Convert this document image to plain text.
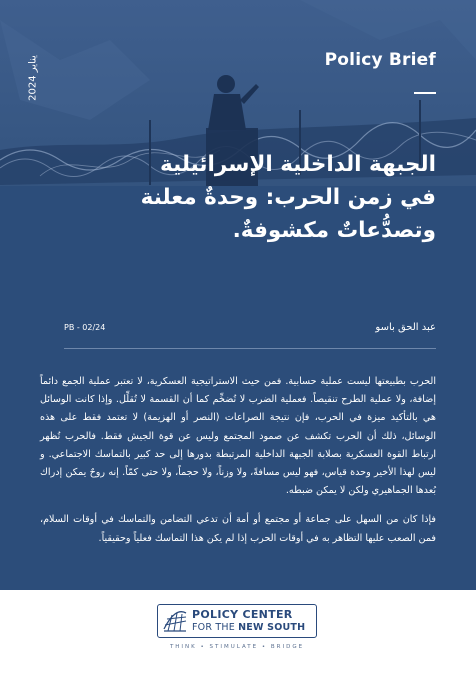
Policy Brief
يناير 2024
الجبهة الداخلية الإسرائيلية
في زمن الحرب: وحدةٌ معلنة
وتصدُّعاتٌ مكشوفةٌ.
عبد الحق باسو
PB - 02/24

الحرب بطبيعتها ليست عملية حسابية. فمن حيث الاستراتيجية العسكرية، لا تعتبر عملية الجمع دائماً إضافة، ولا عملية الطرح تنقيصاً. فعملية الضرب لا تُضخِّم كما أن القسمة لا تُقلِّل. وإذا كانت الوسائل هي بالتأكيد ميزة في الحرب، فإن نتيجة الصراعات (النصر أو الهزيمة) لا تعتمد فقط على هذه الوسائل، ذلك أن الحرب تكشف عن صمود المجتمع وليس عن قوة الجيش فقط. فالحرب تُظهر ارتباط القوة العسكرية بصلابة الجبهة الداخلية المرتبطة بدورها إلى حد كبير بالتماسك الاجتماعي. و ليس لهذا الأخير وحدة قياس، فهو ليس مسافةً، ولا وزناً، ولا حجماً، ولا حتى كمّاً. إنه روحٌ يمكن إدراك بُعدها الجماهيري ولكن لا يمكن ضبطه.

فإذا كان من السهل على جماعة أو مجتمع أو أمة أن تدعي التضامن والتماسك في أوقات السلام، فمن الصعب عليها التظاهر به في أوقات الحرب إذا لم يكن هذا التماسك فعلياً وحقيقياً.

POLICY CENTER
FOR THE NEW SOUTH
THINK • STIMULATE • BRIDGE
